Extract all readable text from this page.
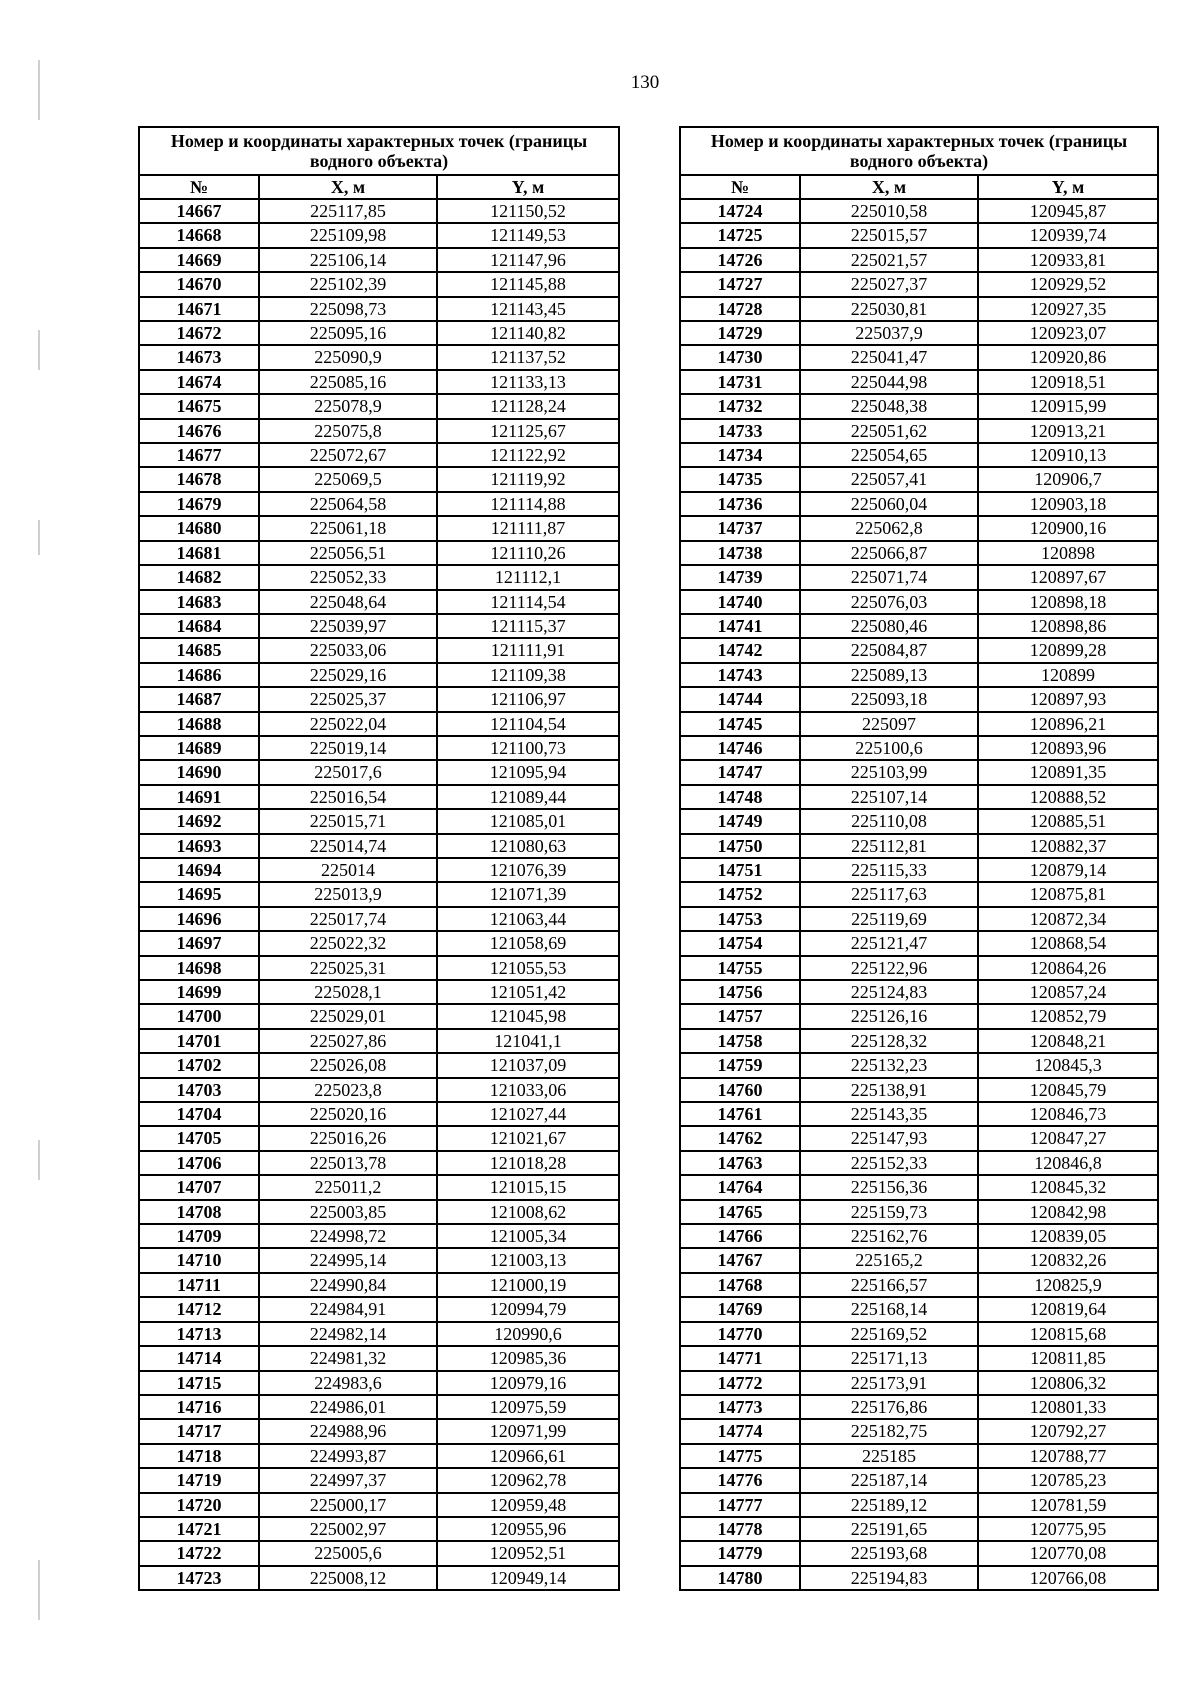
130
Номер и координаты характерных точек (границы водного объекта)		
№	X, м	Y, м
14667	225117,85	121150,52
14668	225109,98	121149,53
14669	225106,14	121147,96
14670	225102,39	121145,88
14671	225098,73	121143,45
14672	225095,16	121140,82
14673	225090,9	121137,52
14674	225085,16	121133,13
14675	225078,9	121128,24
14676	225075,8	121125,67
14677	225072,67	121122,92
14678	225069,5	121119,92
14679	225064,58	121114,88
14680	225061,18	121111,87
14681	225056,51	121110,26
14682	225052,33	121112,1
14683	225048,64	121114,54
14684	225039,97	121115,37
14685	225033,06	121111,91
14686	225029,16	121109,38
14687	225025,37	121106,97
14688	225022,04	121104,54
14689	225019,14	121100,73
14690	225017,6	121095,94
14691	225016,54	121089,44
14692	225015,71	121085,01
14693	225014,74	121080,63
14694	225014	121076,39
14695	225013,9	121071,39
14696	225017,74	121063,44
14697	225022,32	121058,69
14698	225025,31	121055,53
14699	225028,1	121051,42
14700	225029,01	121045,98
14701	225027,86	121041,1
14702	225026,08	121037,09
14703	225023,8	121033,06
14704	225020,16	121027,44
14705	225016,26	121021,67
14706	225013,78	121018,28
14707	225011,2	121015,15
14708	225003,85	121008,62
14709	224998,72	121005,34
14710	224995,14	121003,13
14711	224990,84	121000,19
14712	224984,91	120994,79
14713	224982,14	120990,6
14714	224981,32	120985,36
14715	224983,6	120979,16
14716	224986,01	120975,59
14717	224988,96	120971,99
14718	224993,87	120966,61
14719	224997,37	120962,78
14720	225000,17	120959,48
14721	225002,97	120955,96
14722	225005,6	120952,51
14723	225008,12	120949,14
Номер и координаты характерных точек (границы водного объекта)		
№	X, м	Y, м
14724	225010,58	120945,87
14725	225015,57	120939,74
14726	225021,57	120933,81
14727	225027,37	120929,52
14728	225030,81	120927,35
14729	225037,9	120923,07
14730	225041,47	120920,86
14731	225044,98	120918,51
14732	225048,38	120915,99
14733	225051,62	120913,21
14734	225054,65	120910,13
14735	225057,41	120906,7
14736	225060,04	120903,18
14737	225062,8	120900,16
14738	225066,87	120898
14739	225071,74	120897,67
14740	225076,03	120898,18
14741	225080,46	120898,86
14742	225084,87	120899,28
14743	225089,13	120899
14744	225093,18	120897,93
14745	225097	120896,21
14746	225100,6	120893,96
14747	225103,99	120891,35
14748	225107,14	120888,52
14749	225110,08	120885,51
14750	225112,81	120882,37
14751	225115,33	120879,14
14752	225117,63	120875,81
14753	225119,69	120872,34
14754	225121,47	120868,54
14755	225122,96	120864,26
14756	225124,83	120857,24
14757	225126,16	120852,79
14758	225128,32	120848,21
14759	225132,23	120845,3
14760	225138,91	120845,79
14761	225143,35	120846,73
14762	225147,93	120847,27
14763	225152,33	120846,8
14764	225156,36	120845,32
14765	225159,73	120842,98
14766	225162,76	120839,05
14767	225165,2	120832,26
14768	225166,57	120825,9
14769	225168,14	120819,64
14770	225169,52	120815,68
14771	225171,13	120811,85
14772	225173,91	120806,32
14773	225176,86	120801,33
14774	225182,75	120792,27
14775	225185	120788,77
14776	225187,14	120785,23
14777	225189,12	120781,59
14778	225191,65	120775,95
14779	225193,68	120770,08
14780	225194,83	120766,08
